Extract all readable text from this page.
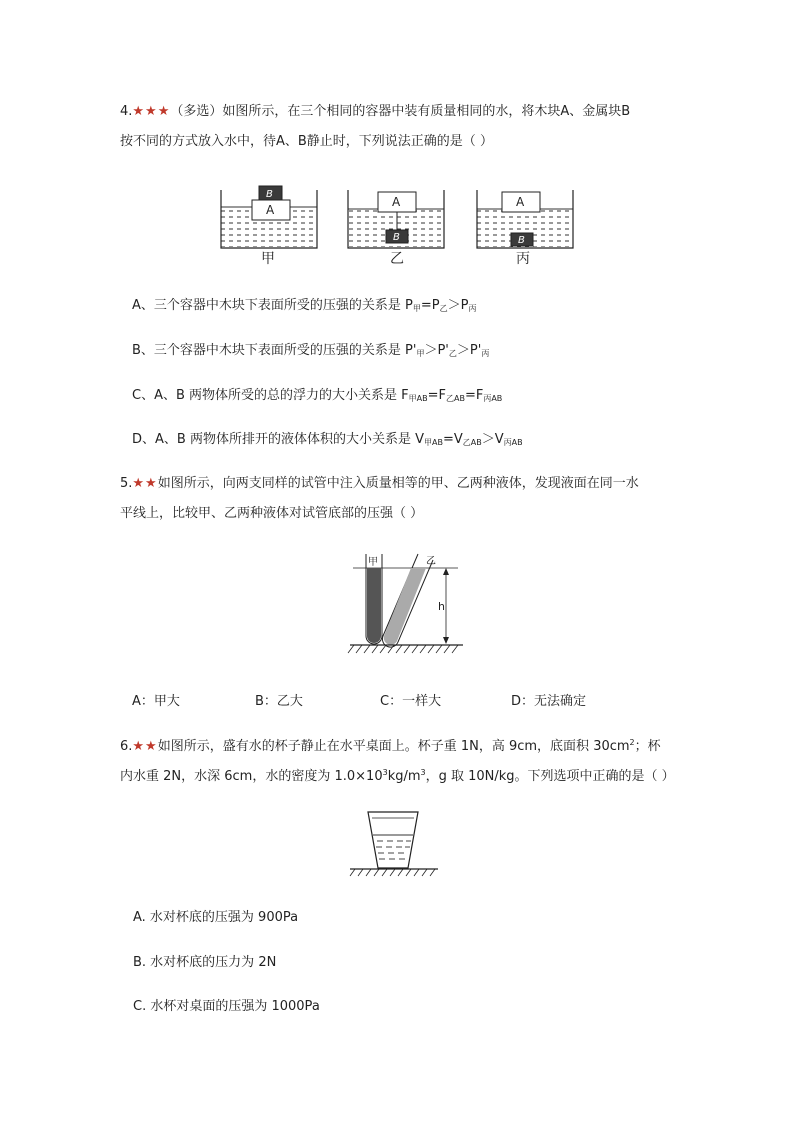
4.★★★（多选）如图所示，在三个相同的容器中装有质量相同的水，将木块A、金属块B
按不同的方式放入水中，待A、B静止时，下列说法正确的是（ ）
A
B
甲
A
B
乙
A
B
丙
A、三个容器中木块下表面所受的压强的关系是 $P_甲=P_乙>P_丙$
B、三个容器中木块下表面所受的压强的关系是 $P'_甲>P'_乙>P'_丙$
C、A、B 两物体所受的总的浮力的大小关系是 $F_{甲AB}=F_{乙AB}=F_{丙AB}$
D、A、B 两物体所排开的液体体积的大小关系是 $V_{甲AB}=V_{乙AB}>V_{丙AB}$
5.★★如图所示，向两支同样的试管中注入质量相等的甲、乙两种液体，发现液面在同一水
平线上，比较甲、乙两种液体对试管底部的压强（ ）
甲	乙
h
A：甲大	B：乙大	C：一样大	D：无法确定
6.★★如图所示，盛有水的杯子静止在水平桌面上。杯子重 1N，高 9cm，底面积 $30cm^2$；杯
内水重 2N，水深 6cm，水的密度为 $1.0\times 10^3kg/m^3$，g 取 10N/kg。下列选项中正确的是（ ）
A. 水对杯底的压强为 900Pa
B. 水对杯底的压力为 2N
C. 水杯对桌面的压强为 1000Pa
